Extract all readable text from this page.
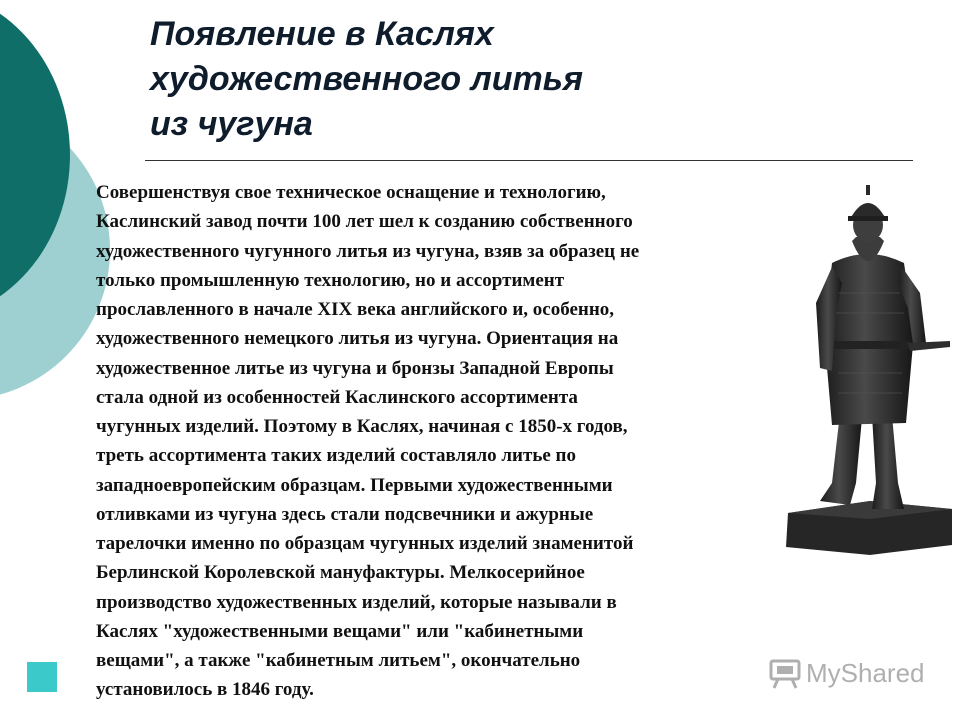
Появление в Каслях
художественного литья
из чугуна
Совершенствуя свое техническое оснащение и технологию,
Каслинский завод почти 100 лет шел к созданию собственного
художественного чугунного литья из чугуна, взяв за образец не
только промышленную технологию, но и ассортимент
прославленного в начале XIX века английского и, особенно,
художественного немецкого литья из чугуна. Ориентация на
художественное литье из чугуна и бронзы Западной Европы
стала одной из особенностей Каслинского ассортимента
чугунных изделий. Поэтому в Каслях, начиная с 1850-х годов,
треть ассортимента таких изделий составляло литье по
западноевропейским образцам. Первыми художественными
отливками из чугуна здесь стали подсвечники и ажурные
тарелочки именно по образцам чугунных изделий знаменитой
Берлинской Королевской мануфактуры. Мелкосерийное
производство художественных изделий, которые называли в
Каслях "художественными вещами" или "кабинетными
вещами", а также "кабинетным литьем", окончательно
установилось в 1846 году.
MyShared
